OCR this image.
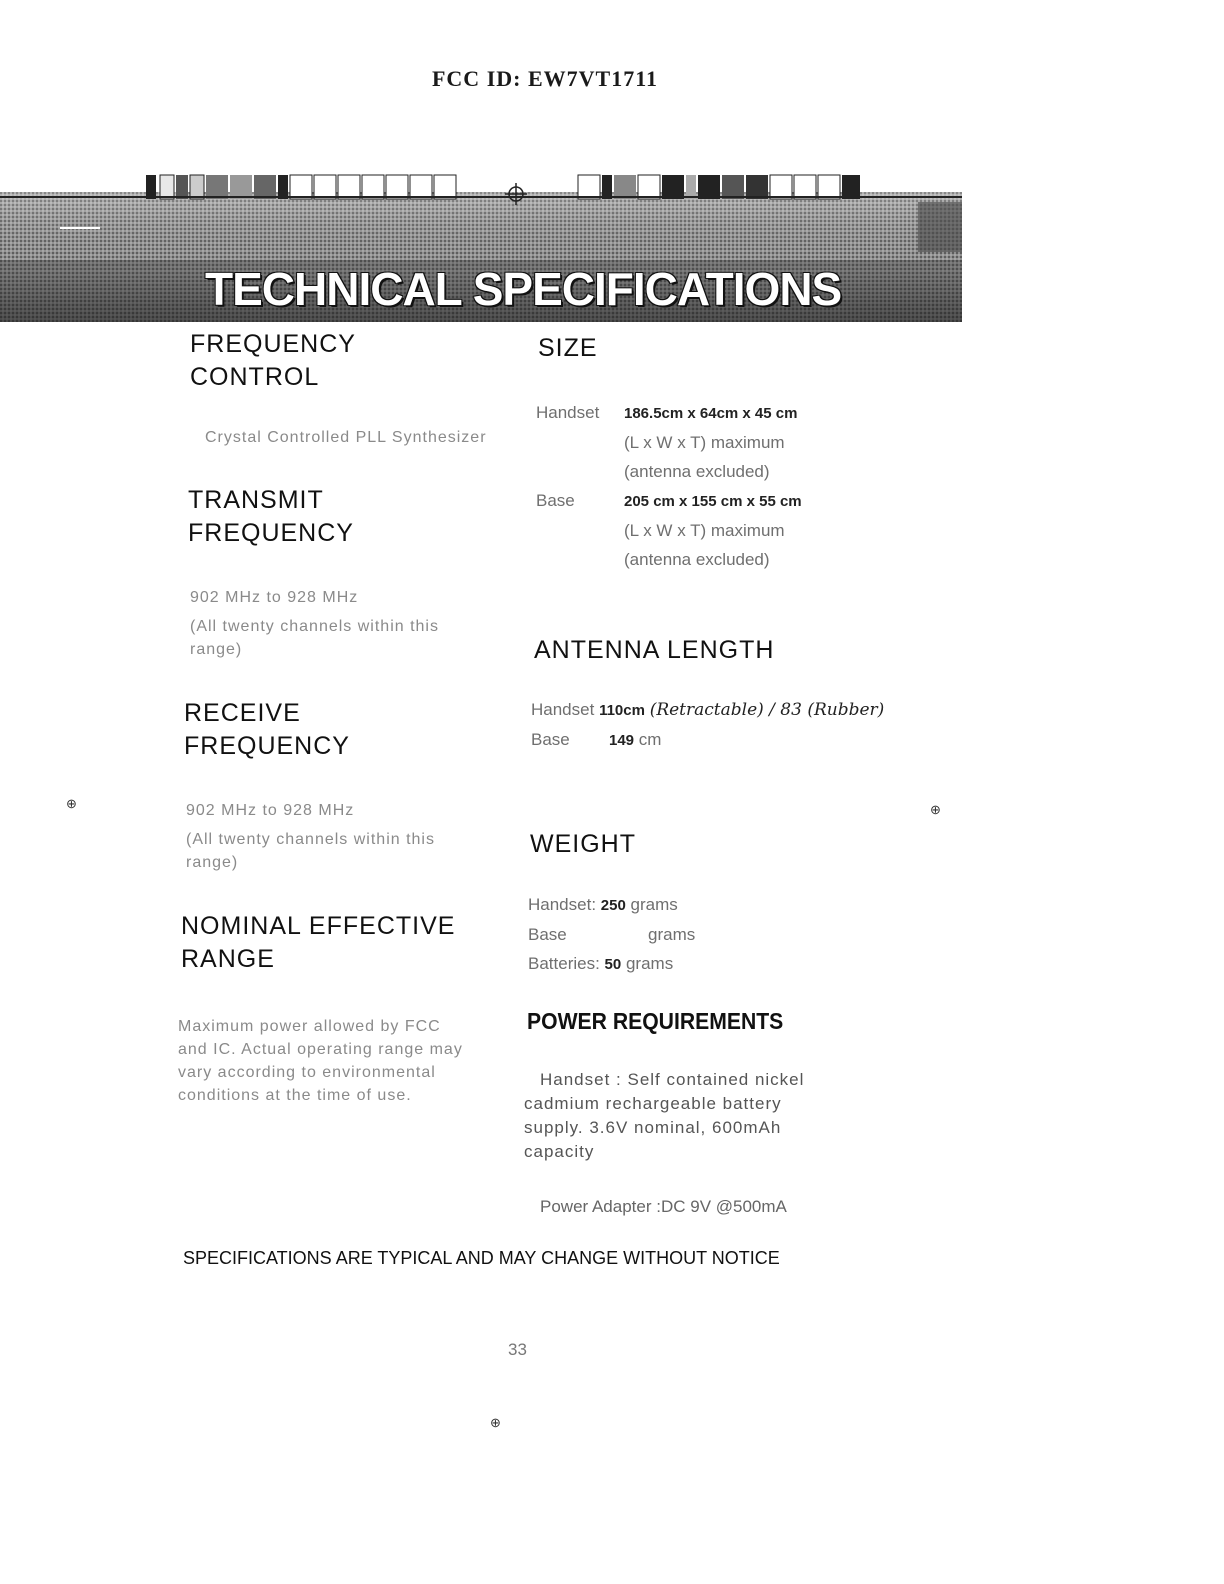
FCC ID: EW7VT1711
TECHNICAL SPECIFICATIONS
FREQUENCY
CONTROL
Crystal Controlled PLL Synthesizer
TRANSMIT
FREQUENCY
902 MHz to 928 MHz
(All twenty channels within this
range)
RECEIVE
FREQUENCY
902 MHz to 928 MHz
(All twenty channels within this
range)
NOMINAL EFFECTIVE
RANGE
Maximum power allowed by FCC
and IC. Actual operating range may
vary according to environmental
conditions at the time of use.
SIZE
Handset 186.5cm x 64cm x 45 cm
(L x W x T) maximum
(antenna excluded)
Base	205 cm x 155 cm x 55 cm
(L x W x T) maximum
(antenna excluded)
ANTENNA LENGTH
Handset 110cm (Retractable) / 83 (Rubber)
Base	149 cm
WEIGHT
Handset: 250 grams
Base	grams
Batteries: 50 grams
POWER REQUIREMENTS
Handset : Self contained nickel
cadmium rechargeable battery
supply. 3.6V nominal, 600mAh
capacity
Power Adapter :DC 9V @500mA
SPECIFICATIONS ARE TYPICAL AND MAY CHANGE WITHOUT NOTICE
33
⊕	⊕
⊕
